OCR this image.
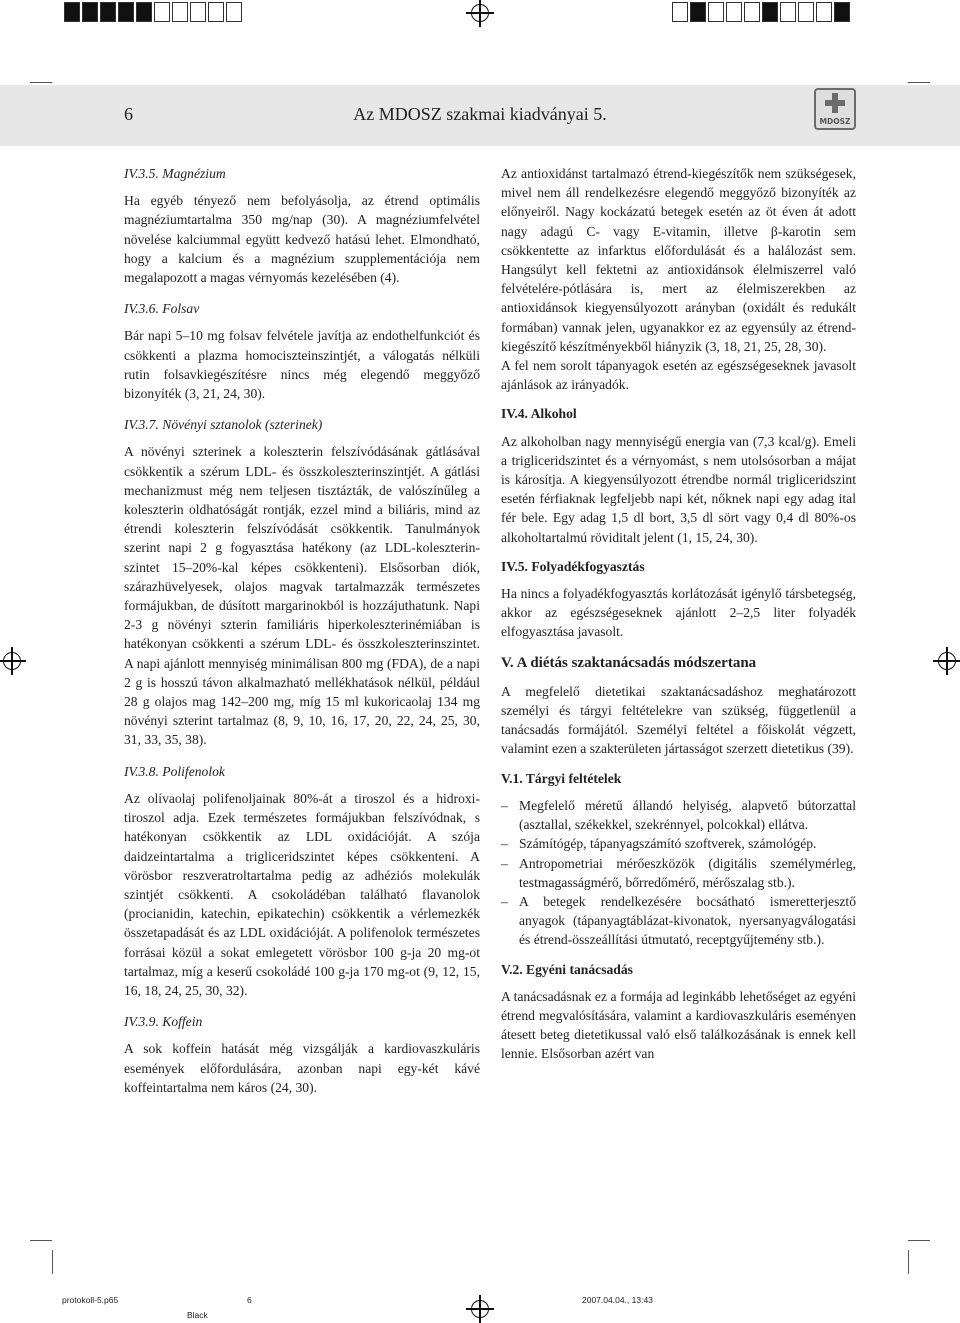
Az MDOSZ szakmai kiadványai 5.
6	MDOSZ

IV.3.5. Magnézium

Ha egyéb tényező nem befolyásolja, az étrend optimális magnéziumtartalma 350 mg/nap (30). A magnéziumfelvétel növelése kalciummal együtt kedvező hatású lehet. Elmondható, hogy a kalcium és a magnézium szupplementációja nem megalapozott a magas vérnyomás kezelésében (4).

IV.3.6. Folsav

Bár napi 5–10 mg folsav felvétele javítja az endothelfunkciót és csökkenti a plazma homociszteinszintjét, a válogatás nélküli rutin folsavkiegészítésre nincs még elegendő meggyőző bizonyíték (3, 21, 24, 30).

IV.3.7. Növényi sztanolok (szterinek)

A növényi szterinek a koleszterin felszívódásának gátlásával csökkentik a szérum LDL- és összkoleszterinszintjét. A gátlási mechanizmust még nem teljesen tisztázták, de valószínűleg a koleszterin oldhatóságát rontják, ezzel mind a biliáris, mind az étrendi koleszterin felszívódását csökkentik. Tanulmányok szerint napi 2 g fogyasztása hatékony (az LDL-koleszterin-szintet 15–20%-kal képes csökkenteni). Elsősorban diók, szárazhüvelyesek, olajos magvak tartalmazzák természetes formájukban, de dúsított margarinokból is hozzájuthatunk. Napi 2-3 g növényi szterin familiáris hiperkoleszterinémiában is hatékonyan csökkenti a szérum LDL- és összkoleszterinszintet. A napi ajánlott mennyiség minimálisan 800 mg (FDA), de a napi 2 g is hosszú távon alkalmazható mellékhatások nélkül, például 28 g olajos mag 142–200 mg, míg 15 ml kukoricaolaj 134 mg növényi szterint tartalmaz (8, 9, 10, 16, 17, 20, 22, 24, 25, 30, 31, 33, 35, 38).

IV.3.8. Polifenolok

Az olívaolaj polifenoljainak 80%-át a tiroszol és a hidroxi-tiroszol adja. Ezek természetes formájukban felszívódnak, s hatékonyan csökkentik az LDL oxidációját. A szója daidzeintartalma a trigliceridszintet képes csökkenteni. A vörösbor reszveratroltartalma pedig az adhéziós molekulák szintjét csökkenti. A csokoládéban található flavanolok (procianidin, katechin, epikatechin) csökkentik a vérlemezkék összetapadását és az LDL oxidációját. A polifenolok természetes forrásai közül a sokat emlegetett vörösbor 100 g-ja 20 mg-ot tartalmaz, míg a keserű csokoládé 100 g-ja 170 mg-ot (9, 12, 15, 16, 18, 24, 25, 30, 32).

IV.3.9. Koffein

A sok koffein hatását még vizsgálják a kardiovaszkuláris események előfordulására, azonban napi egy-két kávé koffeintartalma nem káros (24, 30).

Az antioxidánst tartalmazó étrend-kiegészítők nem szükségesek, mivel nem áll rendelkezésre elegendő meggyőző bizonyíték az előnyeiről. Nagy kockázatú betegek esetén az öt éven át adott nagy adagú C- vagy E-vitamin, illetve β-karotin sem csökkentette az infarktus előfordulását és a halálozást sem. Hangsúlyt kell fektetni az antioxidánsok élelmiszerrel való felvételére-pótlására is, mert az élelmiszerekben az antioxidánsok kiegyensúlyozott arányban (oxidált és redukált formában) vannak jelen, ugyanakkor ez az egyensúly az étrend-kiegészítő készítményekből hiányzik (3, 18, 21, 25, 28, 30).

A fel nem sorolt tápanyagok esetén az egészségeseknek javasolt ajánlások az irányadók.

IV.4. Alkohol

Az alkoholban nagy mennyiségű energia van (7,3 kcal/g). Emeli a trigliceridszintet és a vérnyomást, s nem utolsósorban a májat is károsítja. A kiegyensúlyozott étrendbe normál trigliceridszint esetén férfiaknak legfeljebb napi két, nőknek napi egy adag ital fér bele. Egy adag 1,5 dl bort, 3,5 dl sört vagy 0,4 dl 80%-os alkoholtartalmú röviditalt jelent (1, 15, 24, 30).

IV.5. Folyadékfogyasztás

Ha nincs a folyadékfogyasztás korlátozását igénylő társbetegség, akkor az egészségeseknek ajánlott 2–2,5 liter folyadék elfogyasztása javasolt.

V. A diétás szaktanácsadás módszertana

A megfelelő dietetikai szaktanácsadáshoz meghatározott személyi és tárgyi feltételekre van szükség, függetlenül a tanácsadás formájától. Személyi feltétel a főiskolát végzett, valamint ezen a szakterületen jártasságot szerzett dietetikus (39).

V.1. Tárgyi feltételek

– Megfelelő méretű állandó helyiség, alapvető bútorzattal (asztallal, székekkel, szekrénnyel, polcokkal) ellátva.
– Számítógép, tápanyagszámító szoftverek, számológép.
– Antropometriai mérőeszközök (digitális személymérleg, testmagasságmérő, bőrredőmérő, mérőszalag stb.).
– A betegek rendelkezésére bocsátható ismeretterjesztő anyagok (tápanyagtáblázat-kivonatok, nyersanyagválogatási és étrend-összeállítási útmutató, receptgyűjtemény stb.).

V.2. Egyéni tanácsadás

A tanácsadásnak ez a formája ad leginkább lehetőséget az egyéni étrend megvalósítására, valamint a kardiovaszkuláris eseményen átesett beteg dietetikussal való első találkozásának is ennek kell lennie. Elsősorban azért van

protokoll-5.p65	6	2007.04.04., 13:43
Black
